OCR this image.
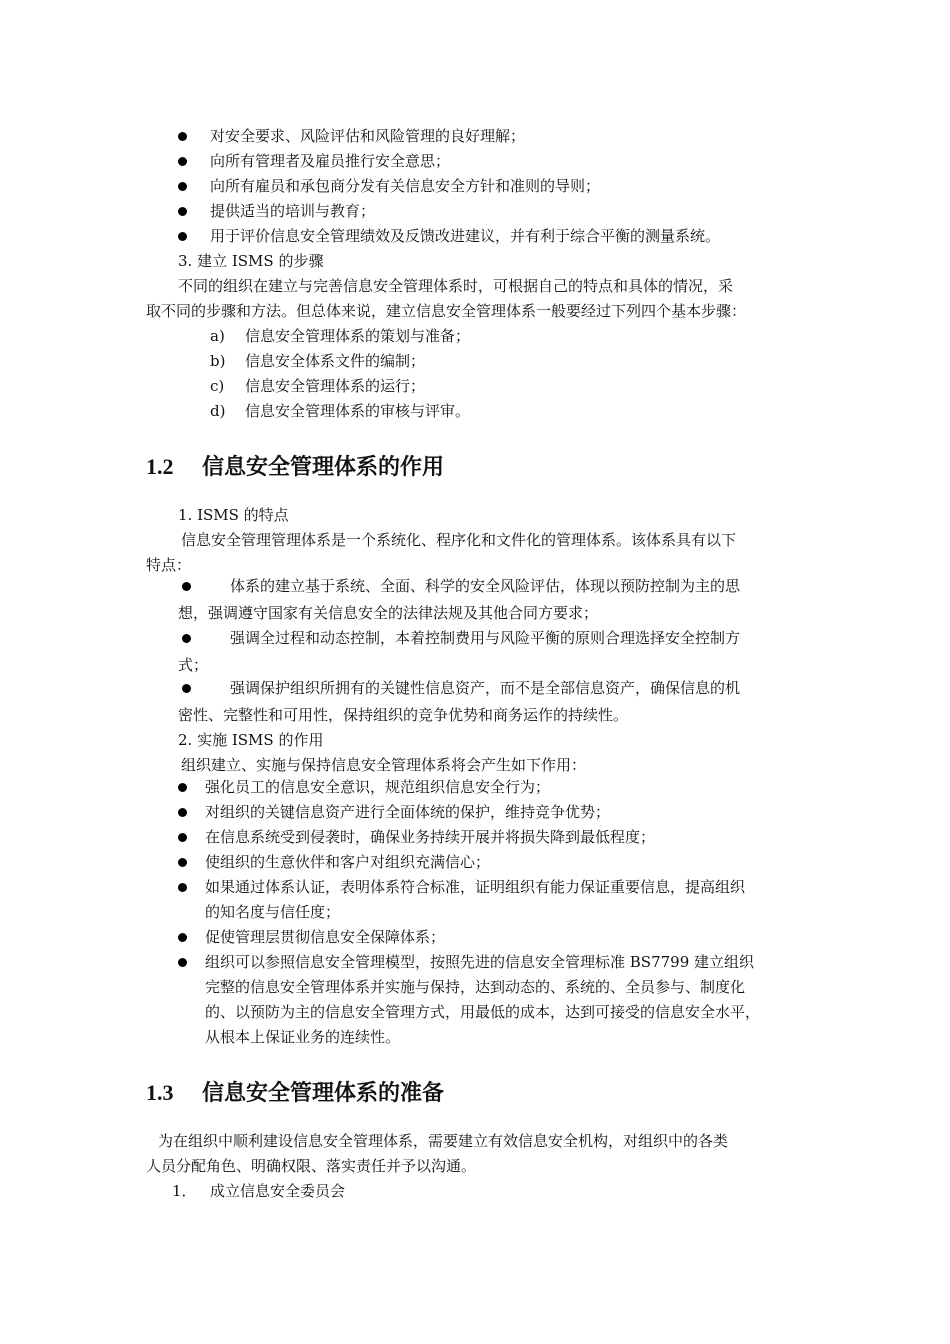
对安全要求、风险评估和风险管理的良好理解；
向所有管理者及雇员推行安全意思；
向所有雇员和承包商分发有关信息安全方针和准则的导则；
提供适当的培训与教育；
用于评价信息安全管理绩效及反馈改进建议，并有利于综合平衡的测量系统。
3. 建立 ISMS 的步骤
不同的组织在建立与完善信息安全管理体系时，可根据自己的特点和具体的情况，采
取不同的步骤和方法。但总体来说，建立信息安全管理体系一般要经过下列四个基本步骤：
a) 信息安全管理体系的策划与准备；
b) 信息安全体系文件的编制；
c) 信息安全管理体系的运行；
d) 信息安全管理体系的审核与评审。
1.2 信息安全管理体系的作用
1. ISMS 的特点
信息安全管理管理体系是一个系统化、程序化和文件化的管理体系。该体系具有以下
特点：
体系的建立基于系统、全面、科学的安全风险评估，体现以预防控制为主的思
想，强调遵守国家有关信息安全的法律法规及其他合同方要求；
强调全过程和动态控制，本着控制费用与风险平衡的原则合理选择安全控制方
式；
强调保护组织所拥有的关键性信息资产，而不是全部信息资产，确保信息的机
密性、完整性和可用性，保持组织的竞争优势和商务运作的持续性。
2. 实施 ISMS 的作用
组织建立、实施与保持信息安全管理体系将会产生如下作用：
强化员工的信息安全意识，规范组织信息安全行为；
对组织的关键信息资产进行全面体统的保护，维持竞争优势；
在信息系统受到侵袭时，确保业务持续开展并将损失降到最低程度；
使组织的生意伙伴和客户对组织充满信心；
如果通过体系认证，表明体系符合标准，证明组织有能力保证重要信息，提高组织
的知名度与信任度；
促使管理层贯彻信息安全保障体系；
组织可以参照信息安全管理模型，按照先进的信息安全管理标准 BS7799 建立组织
完整的信息安全管理体系并实施与保持，达到动态的、系统的、全员参与、制度化
的、以预防为主的信息安全管理方式，用最低的成本，达到可接受的信息安全水平，
从根本上保证业务的连续性。
1.3 信息安全管理体系的准备
为在组织中顺利建设信息安全管理体系，需要建立有效信息安全机构，对组织中的各类
人员分配角色、明确权限、落实责任并予以沟通。
1． 成立信息安全委员会
